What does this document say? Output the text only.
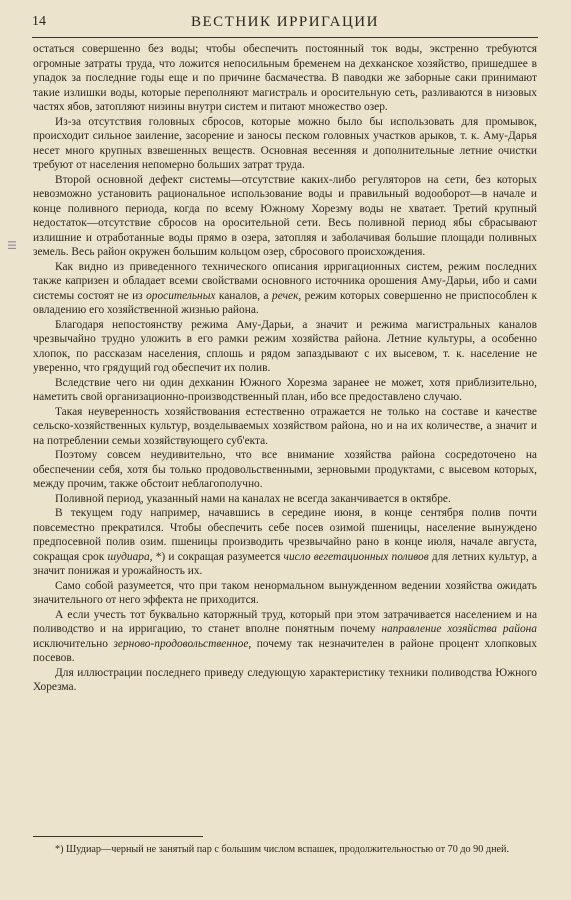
14	ВЕСТНИК ИРРИГАЦИИ

остаться совершенно без воды; чтобы обеспечить постоянный ток воды, экстренно требуются огромные затраты труда, что ложится непосильным бременем на дехканское хозяйство, пришедшее в упадок за последние годы еще и по причине басмачества. В паводки же заборные саки принимают такие излишки воды, которые переполняют магистраль и оросительную сеть, разливаются в низовых частях ябов, затопляют низины внутри систем и питают множество озер.

Из-за отсутствия головных сбросов, которые можно было бы использовать для промывок, происходит сильное заиление, засорение и заносы песком головных участков арыков, т. к. Аму-Дарья несет много крупных взвешенных веществ. Основная весенняя и дополнительные летние очистки требуют от населения непомерно больших затрат труда.

Второй основной дефект системы—отсутствие каких-либо регуляторов на сети, без которых невозможно установить рациональное использование воды и правильный водооборот—в начале и конце поливного периода, когда по всему Южному Хорезму воды не хватает. Третий крупный недостаток—отсутствие сбросов на оросительной сети. Весь поливной период ябы сбрасывают излишние и отработанные воды прямо в озера, затопляя и заболачивая большие площади поливных земель. Весь район окружен большим кольцом озер, сбросового происхождения.

Как видно из приведенного технического описания ирригационных систем, режим последних также капризен и обладает всеми свойствами основного источника орошения Аму-Дарьи, ибо и сами системы состоят не из оросительных каналов, а речек, режим которых совершенно не приспособлен к овладению его хозяйственной жизнью района.

Благодаря непостоянству режима Аму-Дарьи, а значит и режима магистральных каналов чрезвычайно трудно уложить в его рамки режим хозяйства района. Летние культуры, а особенно хлопок, по рассказам населения, сплошь и рядом запаздывают с их высевом, т. к. население не уверенно, что грядущий год обеспечит их полив.

Вследствие чего ни один дехканин Южного Хорезма заранее не может, хотя приблизительно, наметить свой организационно-производственный план, ибо все предоставлено случаю.

Такая неуверенность хозяйствования естественно отражается не только на составе и качестве сельско-хозяйственных культур, возделываемых хозяйством района, но и на их количестве, а значит и на потреблении семьи хозяйствующего суб'екта.

Поэтому совсем неудивительно, что все внимание хозяйства района сосредоточено на обеспечении себя, хотя бы только продовольственными, зерновыми продуктами, с высевом которых, между прочим, также обстоит неблагополучно.

Поливной период, указанный нами на каналах не всегда заканчивается в октябре.

В текущем году например, начавшись в середине июня, в конце сентября полив почти повсеместно прекратился. Чтобы обеспечить себе посев озимой пшеницы, население вынуждено предпосевной полив озим. пшеницы производить чрезвычайно рано в конце июля, начале августа, сокращая срок шудиара, *) и сокращая разумеется число вегетационных поливов для летних культур, а значит понижая и урожайность их.

Само собой разумеется, что при таком ненормальном вынужденном ведении хозяйства ожидать значительного от него эффекта не приходится.

А если учесть тот буквально каторжный труд, который при этом затрачивается населением и на поливодство и на ирригацию, то станет вполне понятным почему направление хозяйства района исключительно зерново-продовольственное, почему так незначителен в районе процент хлопковых посевов.

Для иллюстрации последнего приведу следующую характеристику техники поливодства Южного Хорезма.

*) Шудиар—черный не занятый пар с большим числом вспашек, продолжительностью от 70 до 90 дней.
III
